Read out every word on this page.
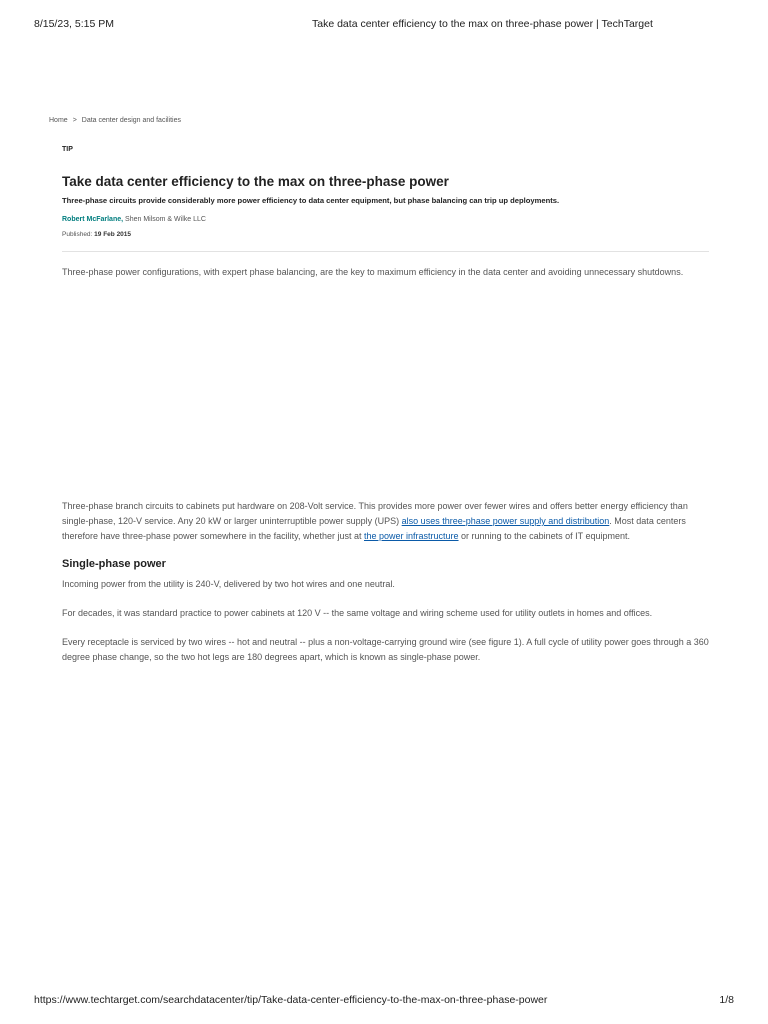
8/15/23, 5:15 PM	Take data center efficiency to the max on three-phase power | TechTarget
Home > Data center design and facilities
TIP
Take data center efficiency to the max on three-phase power
Three-phase circuits provide considerably more power efficiency to data center equipment, but phase balancing can trip up deployments.
Robert McFarlane, Shen Milsom & Wilke LLC
Published: 19 Feb 2015

Three-phase power configurations, with expert phase balancing, are the key to maximum efficiency in the data center and avoiding unnecessary shutdowns.

Three-phase branch circuits to cabinets put hardware on 208-Volt service. This provides more power over fewer wires and offers better energy efficiency than single-phase, 120-V service. Any 20 kW or larger uninterruptible power supply (UPS) also uses three-phase power supply and distribution. Most data centers therefore have three-phase power somewhere in the facility, whether just at the power infrastructure or running to the cabinets of IT equipment.

Single-phase power

Incoming power from the utility is 240-V, delivered by two hot wires and one neutral.

For decades, it was standard practice to power cabinets at 120 V -- the same voltage and wiring scheme used for utility outlets in homes and offices.

Every receptacle is serviced by two wires -- hot and neutral -- plus a non-voltage-carrying ground wire (see figure 1). A full cycle of utility power goes through a 360 degree phase change, so the two hot legs are 180 degrees apart, which is known as single-phase power.

https://www.techtarget.com/searchdatacenter/tip/Take-data-center-efficiency-to-the-max-on-three-phase-power	1/8
